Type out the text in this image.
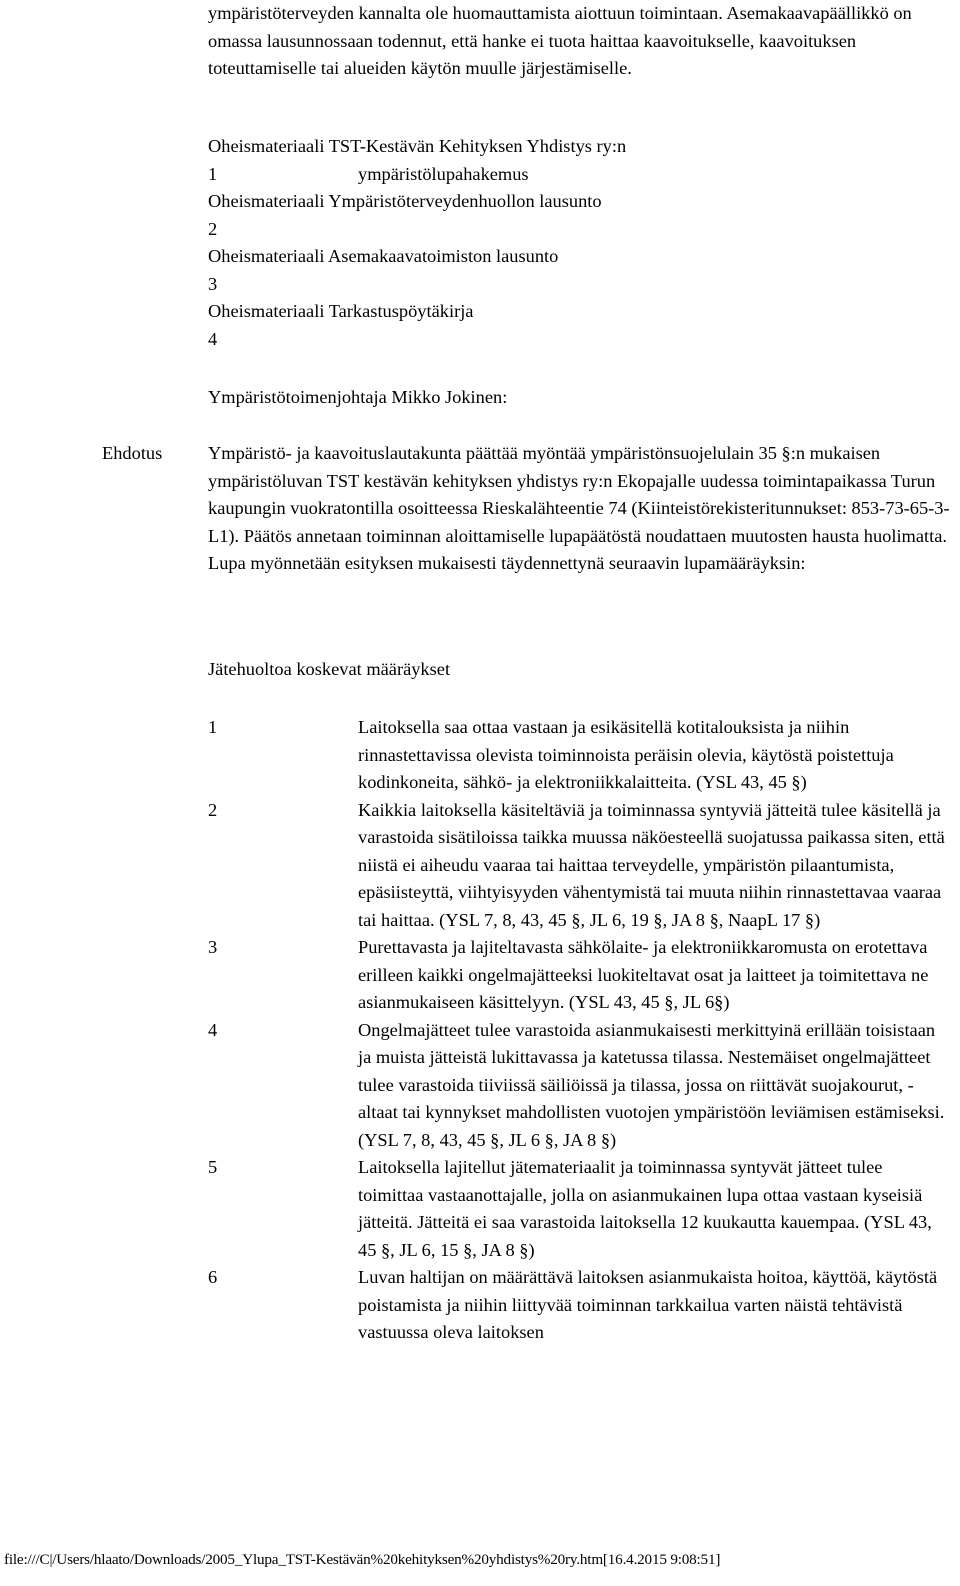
ympäristöterveyden kannalta ole huomauttamista aiottuun toimintaan. Asemakaavapäällikkö on omassa lausunnossaan todennut, että hanke ei tuota haittaa kaavoitukselle, kaavoituksen toteuttamiselle tai alueiden käytön muulle järjestämiselle.

Oheismateriaali TST-Kestävän Kehityksen Yhdistys ry:n
1	ympäristölupahakemus
Oheismateriaali Ympäristöterveydenhuollon lausunto
2
Oheismateriaali Asemakaavatoimiston lausunto
3
Oheismateriaali Tarkastuspöytäkirja
4
Ympäristötoimenjohtaja Mikko Jokinen:
Ehdotus Ympäristö- ja kaavoituslautakunta päättää myöntää ympäristönsuojelulain 35 §:n mukaisen ympäristöluvan TST kestävän kehityksen yhdistys ry:n Ekopajalle uudessa toimintapaikassa Turun kaupungin vuokratontilla osoitteessa Rieskalähteentie 74 (Kiinteistörekisteritunnukset: 853-73-65-3-L1). Päätös annetaan toiminnan aloittamiselle lupapäätöstä noudattaen muutosten hausta huolimatta. Lupa myönnetään esityksen mukaisesti täydennettynä seuraavin lupamääräyksin:

Jätehuoltoa koskevat määräykset
1	Laitoksella saa ottaa vastaan ja esikäsitellä kotitalouksista ja niihin rinnastettavissa olevista toiminnoista peräisin olevia, käytöstä poistettuja kodinkoneita, sähkö- ja elektroniikkalaitteita. (YSL 43, 45 §)
2	Kaikkia laitoksella käsiteltäviä ja toiminnassa syntyviä jätteitä tulee käsitellä ja varastoida sisätiloissa taikka muussa näköesteellä suojatussa paikassa siten, että niistä ei aiheudu vaaraa tai haittaa terveydelle, ympäristön pilaantumista, epäsiisteyttä, viihtyisyyden vähentymistä tai muuta niihin rinnastettavaa vaaraa tai haittaa. (YSL 7, 8, 43, 45 §, JL 6, 19 §, JA 8 §, NaapL 17 §)
3	Purettavasta ja lajiteltavasta sähkölaite- ja elektroniikkaromusta on erotettava erilleen kaikki ongelmajätteeksi luokiteltavat osat ja laitteet ja toimitettava ne asianmukaiseen käsittelyyn. (YSL 43, 45 §, JL 6§)
4	Ongelmajätteet tulee varastoida asianmukaisesti merkittyinä erillään toisistaan ja muista jätteistä lukittavassa ja katetussa tilassa. Nestemäiset ongelmajätteet tulee varastoida tiiviissä säiliöissä ja tilassa, jossa on riittävät suojakourut, -altaat tai kynnykset mahdollisten vuotojen ympäristöön leviämisen estämiseksi. (YSL 7, 8, 43, 45 §, JL 6 §, JA 8 §)
5	Laitoksella lajitellut jätemateriaalit ja toiminnassa syntyvät jätteet tulee toimittaa vastaanottajalle, jolla on asianmukainen lupa ottaa vastaan kyseisiä jätteitä. Jätteitä ei saa varastoida laitoksella 12 kuukautta kauempaa. (YSL 43, 45 §, JL 6, 15 §, JA 8 §)
6	Luvan haltijan on määrättävä laitoksen asianmukaista hoitoa, käyttöä, käytöstä poistamista ja niihin liittyvää toiminnan tarkkailua varten näistä tehtävistä vastuussa oleva laitoksen
file:///C|/Users/hlaato/Downloads/2005_Ylupa_TST-Kestävän%20kehityksen%20yhdistys%20ry.htm[16.4.2015 9:08:51]
